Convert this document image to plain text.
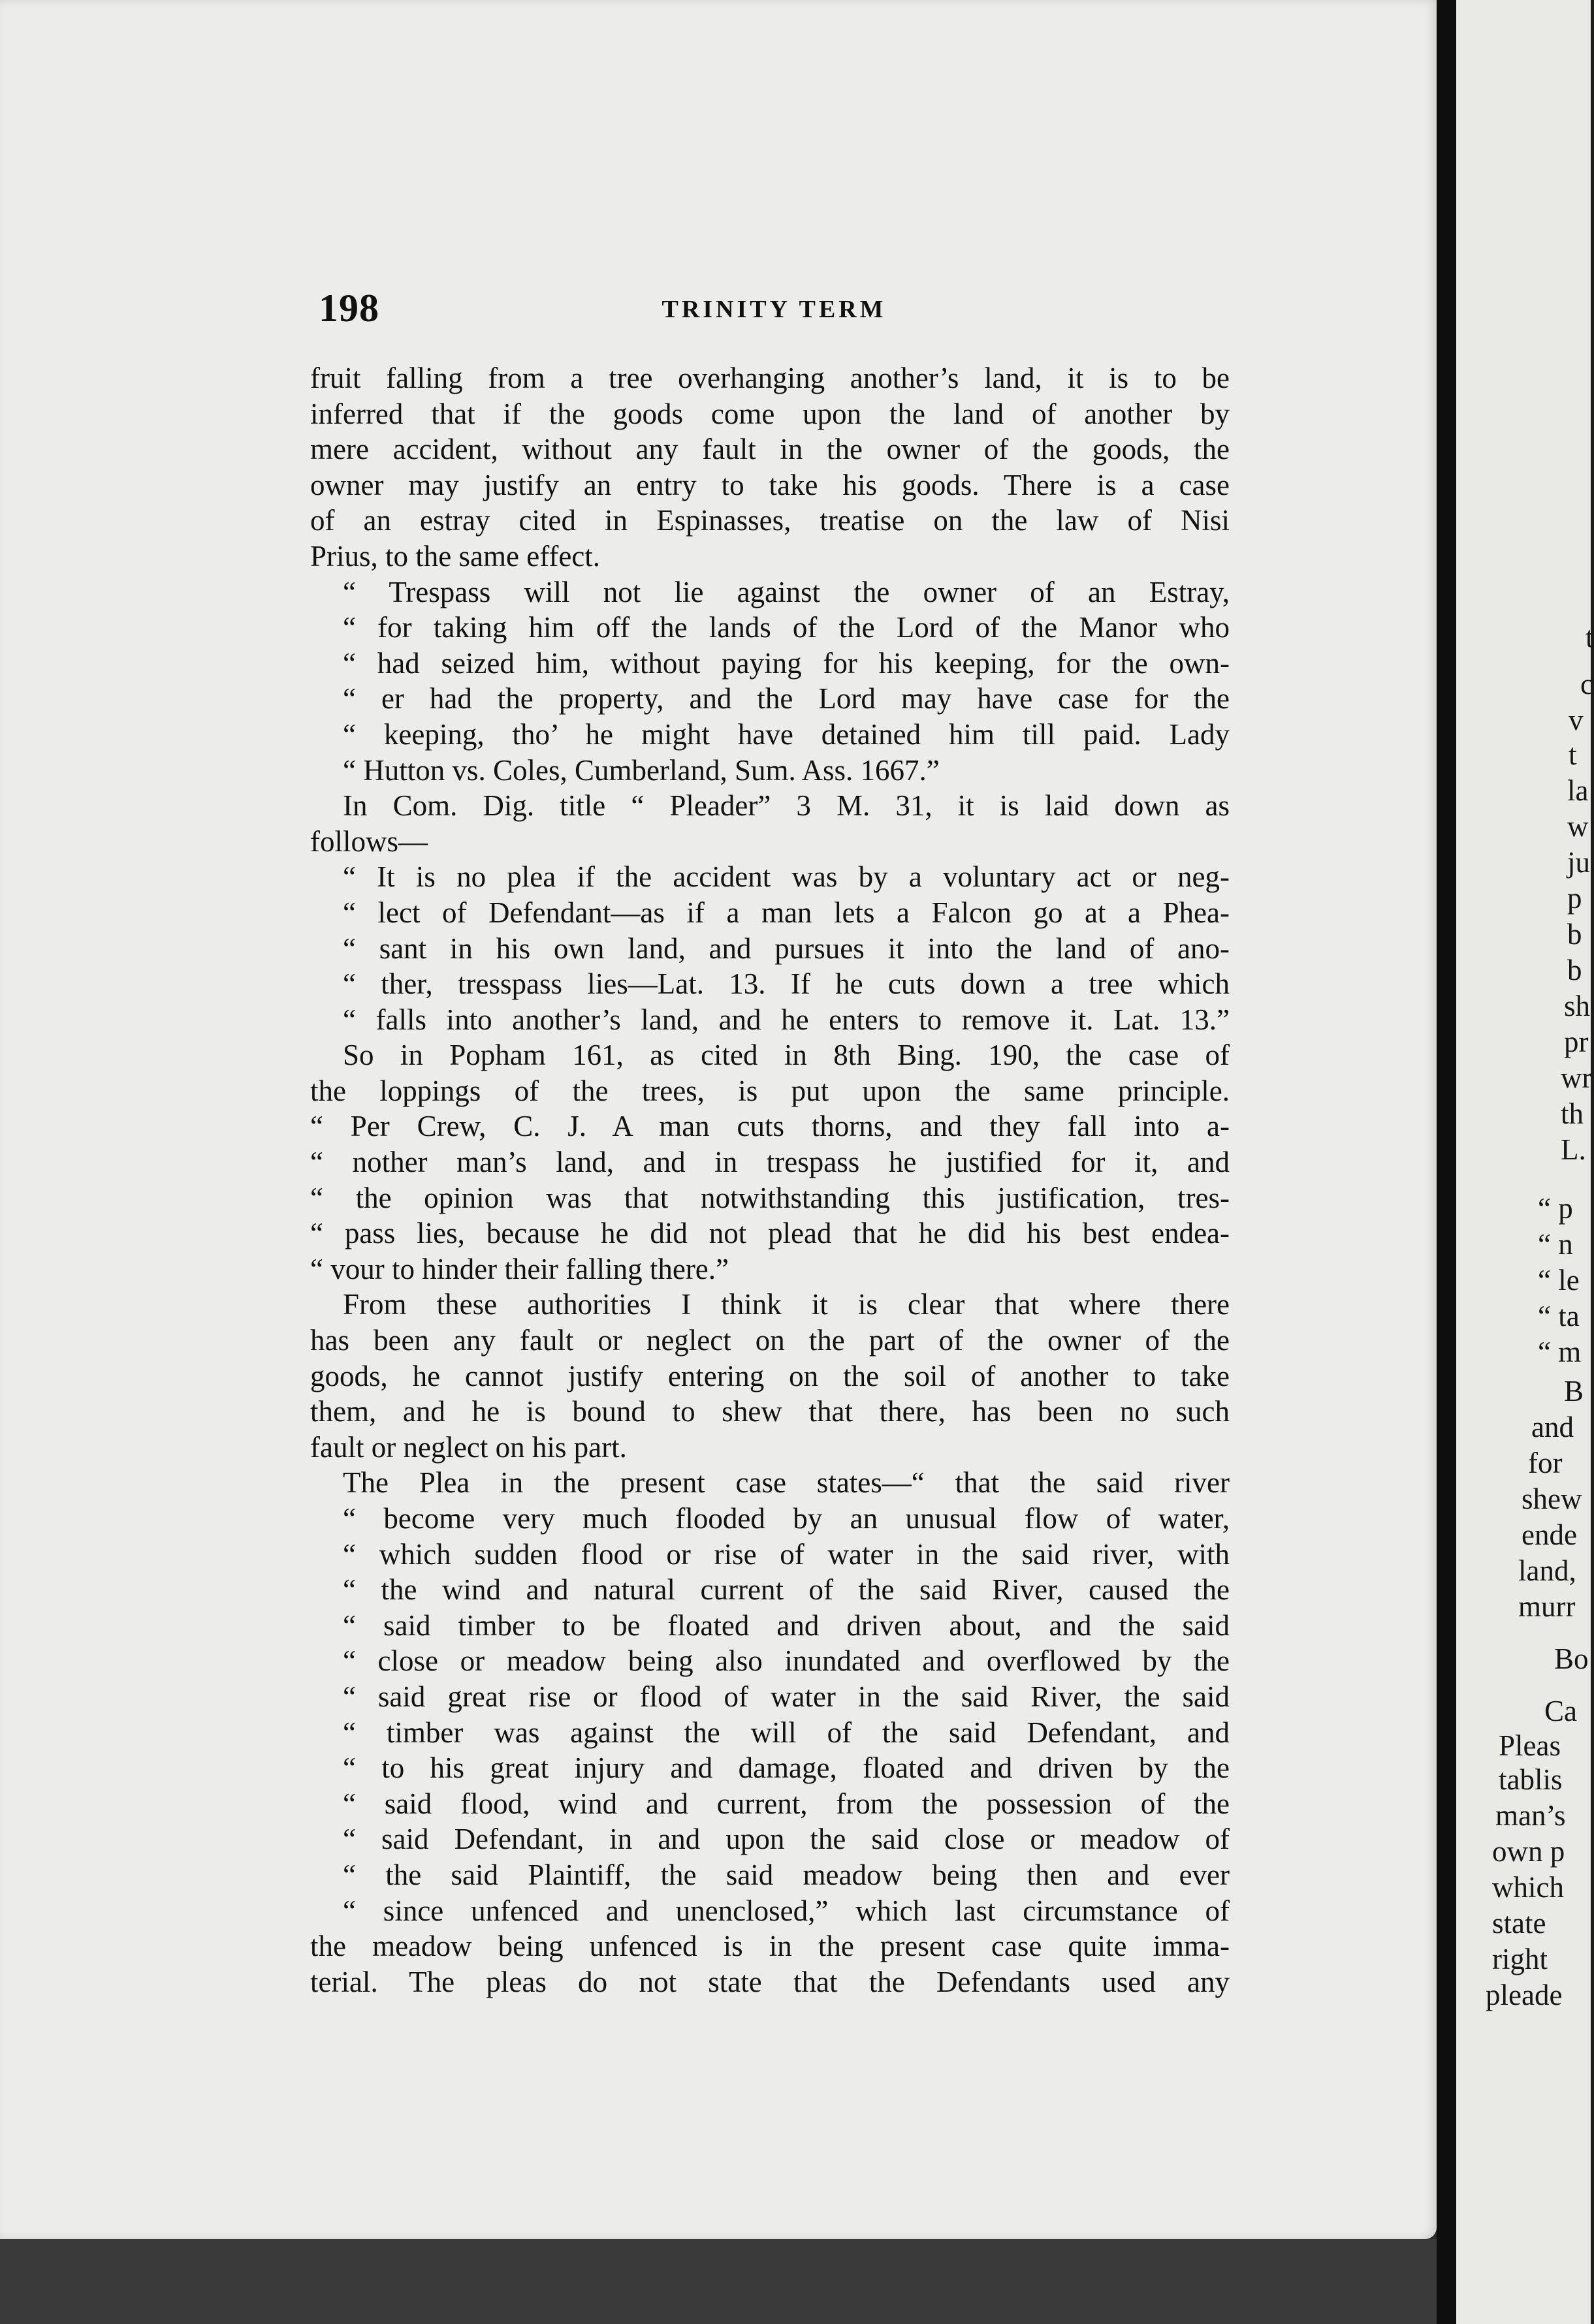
198	TRINITY TERM
fruit falling from a tree overhanging another’s land, it is to be
inferred that if the goods come upon the land of another by
mere accident, without any fault in the owner of the goods, the
owner may justify an entry to take his goods. There is a case
of an estray cited in Espinasses, treatise on the law of Nisi
Prius, to the same effect.
“ Trespass will not lie against the owner of an Estray,
“ for taking him off the lands of the Lord of the Manor who
“ had seized him, without paying for his keeping, for the own-
“ er had the property, and the Lord may have case for the
“ keeping, tho’ he might have detained him till paid. Lady
“ Hutton vs. Coles, Cumberland, Sum. Ass. 1667.”
In Com. Dig. title “ Pleader” 3 M. 31, it is laid down as
follows—
“ It is no plea if the accident was by a voluntary act or neg-
“ lect of Defendant—as if a man lets a Falcon go at a Phea-
“ sant in his own land, and pursues it into the land of ano-
“ ther, tresspass lies—Lat. 13. If he cuts down a tree which
“ falls into another’s land, and he enters to remove it. Lat. 13.”
So in Popham 161, as cited in 8th Bing. 190, the case of
the loppings of the trees, is put upon the same principle.
“ Per Crew, C. J. A man cuts thorns, and they fall into a-
“ nother man’s land, and in trespass he justified for it, and
“ the opinion was that notwithstanding this justification, tres-
“ pass lies, because he did not plead that he did his best endea-
“ vour to hinder their falling there.”
From these authorities I think it is clear that where there
has been any fault or neglect on the part of the owner of the
goods, he cannot justify entering on the soil of another to take
them, and he is bound to shew that there, has been no such
fault or neglect on his part.
The Plea in the present case states—“ that the said river
“ become very much flooded by an unusual flow of water,
“ which sudden flood or rise of water in the said river, with
“ the wind and natural current of the said River, caused the
“ said timber to be floated and driven about, and the said
“ close or meadow being also inundated and overflowed by the
“ said great rise or flood of water in the said River, the said
“ timber was against the will of the said Defendant, and
“ to his great injury and damage, floated and driven by the
“ said flood, wind and current, from the possession of the
“ said Defendant, in and upon the said close or meadow of
“ the said Plaintiff, the said meadow being then and ever
“ since unfenced and unenclosed,” which last circumstance of
the meadow being unfenced is in the present case quite imma-
terial. The pleas do not state that the Defendants used any
t
c
v
t
la
w
ju
p
b
b
sh
pr
wr
th
L.
“ p
“ n
“ le
“ ta
“ m
B
and
for
shew
ende
land,
murr
Bo
Ca
Pleas
tablis
man’s
own p
which
state
right
pleade
